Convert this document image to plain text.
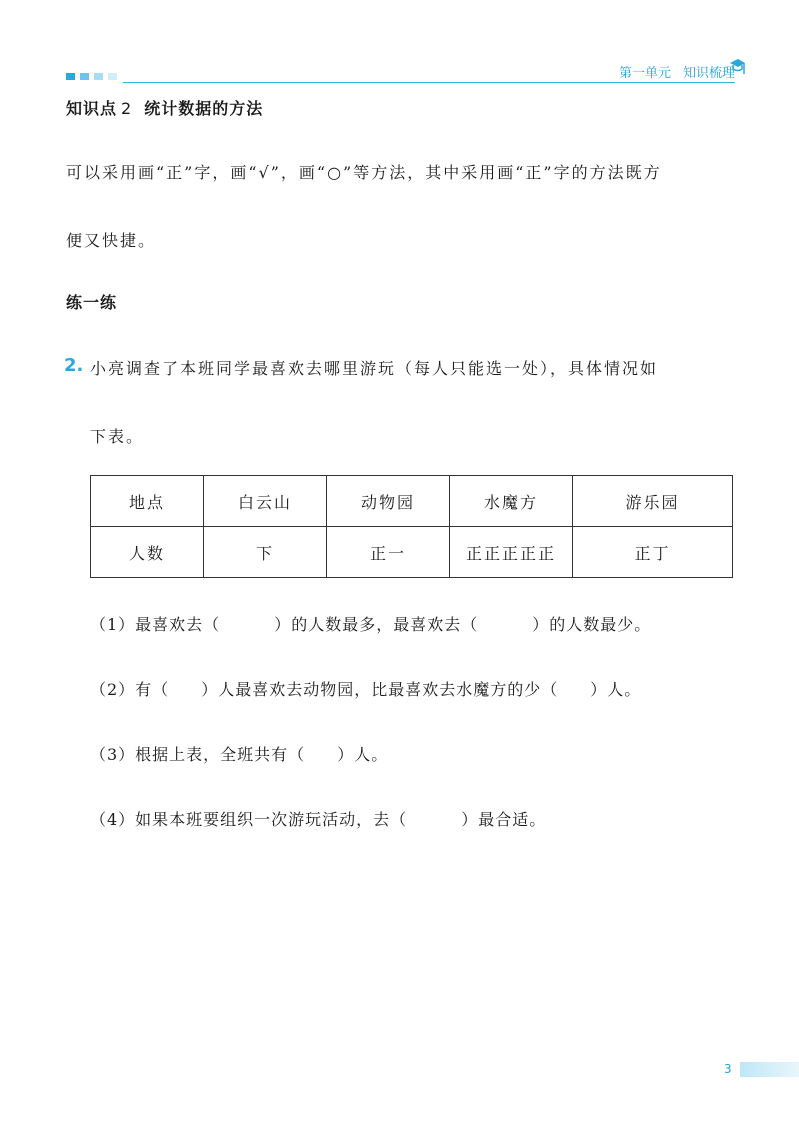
第一单元 知识梳理
知识点 2 统计数据的方法
可以采用画“正”字，画“√”，画“○”等方法，其中采用画“正”字的方法既方
便又快捷。
练一练
2. 小亮调查了本班同学最喜欢去哪里游玩（每人只能选一处），具体情况如
下表。
地点	白云山	动物园	水魔方	游乐园
人数	下	正一	正正正正正	正丁
（1）最喜欢去（	）的人数最多，最喜欢去（	）的人数最少。
（2）有（ ）人最喜欢去动物园，比最喜欢去水魔方的少（ ）人。
（3）根据上表，全班共有（ ）人。
（4）如果本班要组织一次游玩活动，去（	）最合适。
3
